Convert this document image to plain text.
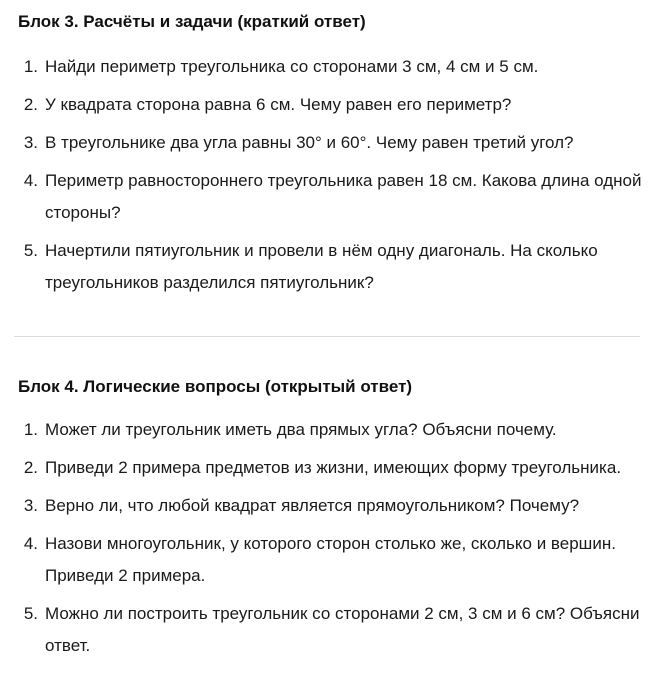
Блок 3. Расчёты и задачи (краткий ответ)
1. Найди периметр треугольника со сторонами 3 см, 4 см и 5 см.
2. У квадрата сторона равна 6 см. Чему равен его периметр?
3. В треугольнике два угла равны 30° и 60°. Чему равен третий угол?
4. Периметр равностороннего треугольника равен 18 см. Какова длина одной стороны?
5. Начертили пятиугольник и провели в нём одну диагональ. На сколько треугольников разделился пятиугольник?
Блок 4. Логические вопросы (открытый ответ)
1. Может ли треугольник иметь два прямых угла? Объясни почему.
2. Приведи 2 примера предметов из жизни, имеющих форму треугольника.
3. Верно ли, что любой квадрат является прямоугольником? Почему?
4. Назови многоугольник, у которого сторон столько же, сколько и вершин. Приведи 2 примера.
5. Можно ли построить треугольник со сторонами 2 см, 3 см и 6 см? Объясни ответ.
